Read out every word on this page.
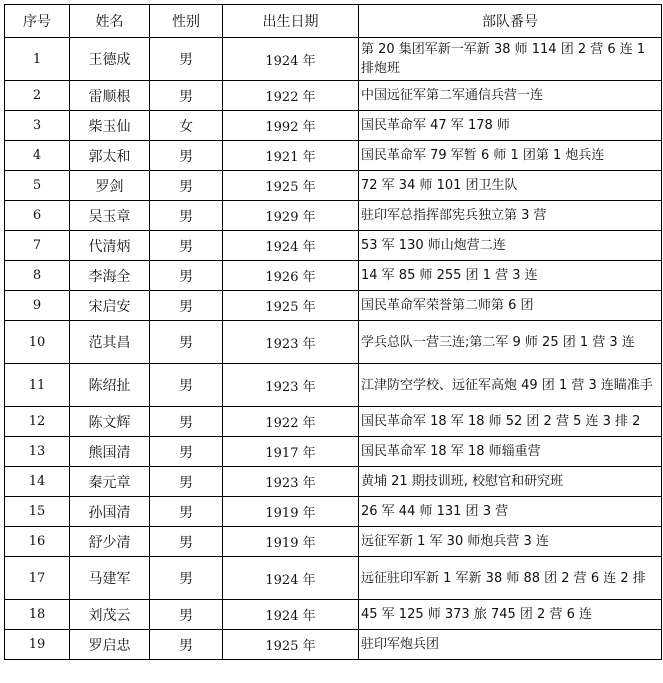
序号	姓名	性别	出生日期	部队番号
1	王德成	男	1924 年	第 20 集团军新一军新 38 师 114 团 2 营 6 连 1 排炮班
2	雷顺根	男	1922 年	中国远征军第二军通信兵营一连
3	柴玉仙	女	1992 年	国民革命军 47 军 178 师
4	郭太和	男	1921 年	国民革命军 79 军暂 6 师 1 团第 1 炮兵连
5	罗剑	男	1925 年	72 军 34 师 101 团卫生队
6	吴玉章	男	1929 年	驻印军总指挥部宪兵独立第 3 营
7	代清炳	男	1924 年	53 军 130 师山炮营二连
8	李海全	男	1926 年	14 军 85 师 255 团 1 营 3 连
9	宋启安	男	1925 年	国民革命军荣誉第二师第 6 团
10	范其昌	男	1923 年	学兵总队一营三连;第二军 9 师 25 团 1 营 3 连
11	陈绍扯	男	1923 年	江津防空学校、远征军高炮 49 团 1 营 3 连瞄准手
12	陈文辉	男	1922 年	国民革命军 18 军 18 师 52 团 2 营 5 连 3 排 2
13	熊国清	男	1917 年	国民革命军 18 军 18 师辎重营
14	秦元章	男	1923 年	黄埔 21 期技训班, 校慰官和研究班
15	孙国清	男	1919 年	26 军 44 师 131 团 3 营
16	舒少清	男	1919 年	远征军新 1 军 30 师炮兵营 3 连
17	马建军	男	1924 年	远征驻印军新 1 军新 38 师 88 团 2 营 6 连 2 排
18	刘茂云	男	1924 年	45 军 125 师 373 旅 745 团 2 营 6 连
19	罗启忠	男	1925 年	驻印军炮兵团
